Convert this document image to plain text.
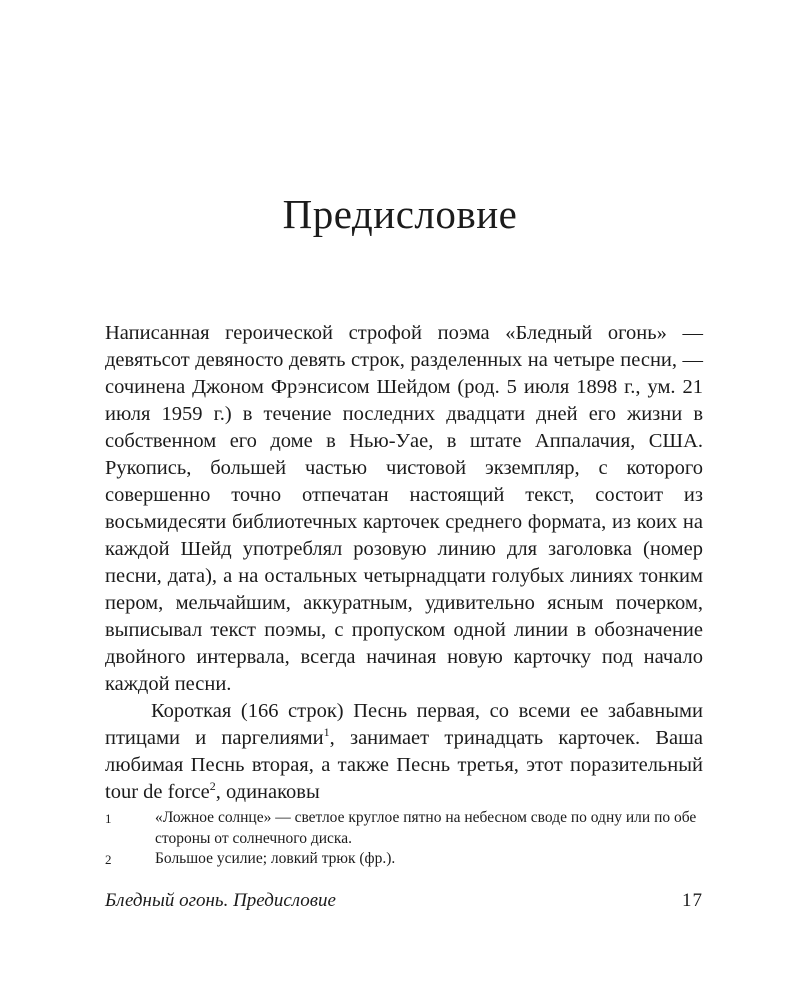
Предисловие

Написанная героической строфой поэма «Бледный огонь» — девятьсот девяносто девять строк, разделенных на четыре песни, — сочинена Джоном Фрэнсисом Шейдом (род. 5 июля 1898 г., ум. 21 июля 1959 г.) в течение последних двадцати дней его жизни в собственном его доме в Нью-Уае, в штате Аппалачия, США. Рукопись, большей частью чистовой экземпляр, с которого совершенно точно отпечатан настоящий текст, состоит из восьмидесяти библиотечных карточек среднего формата, из коих на каждой Шейд употреблял розовую линию для заголовка (номер песни, дата), а на остальных четырнадцати голубых линиях тонким пером, мельчайшим, аккуратным, удивительно ясным почерком, выписывал текст поэмы, с пропуском одной линии в обозначение двойного интервала, всегда начиная новую карточку под начало каждой песни.

Короткая (166 строк) Песнь первая, со всеми ее забавными птицами и паргелиями$^1$, занимает тринадцать карточек. Ваша любимая Песнь вторая, а также Песнь третья, этот поразительный tour de force$^2$, одинаковы

1	«Ложное солнце» — светлое круглое пятно на небесном своде по одну или по обе стороны от солнечного диска.
2	Большое усилие; ловкий трюк (фр.).
Бледный огонь. Предисловие	17
